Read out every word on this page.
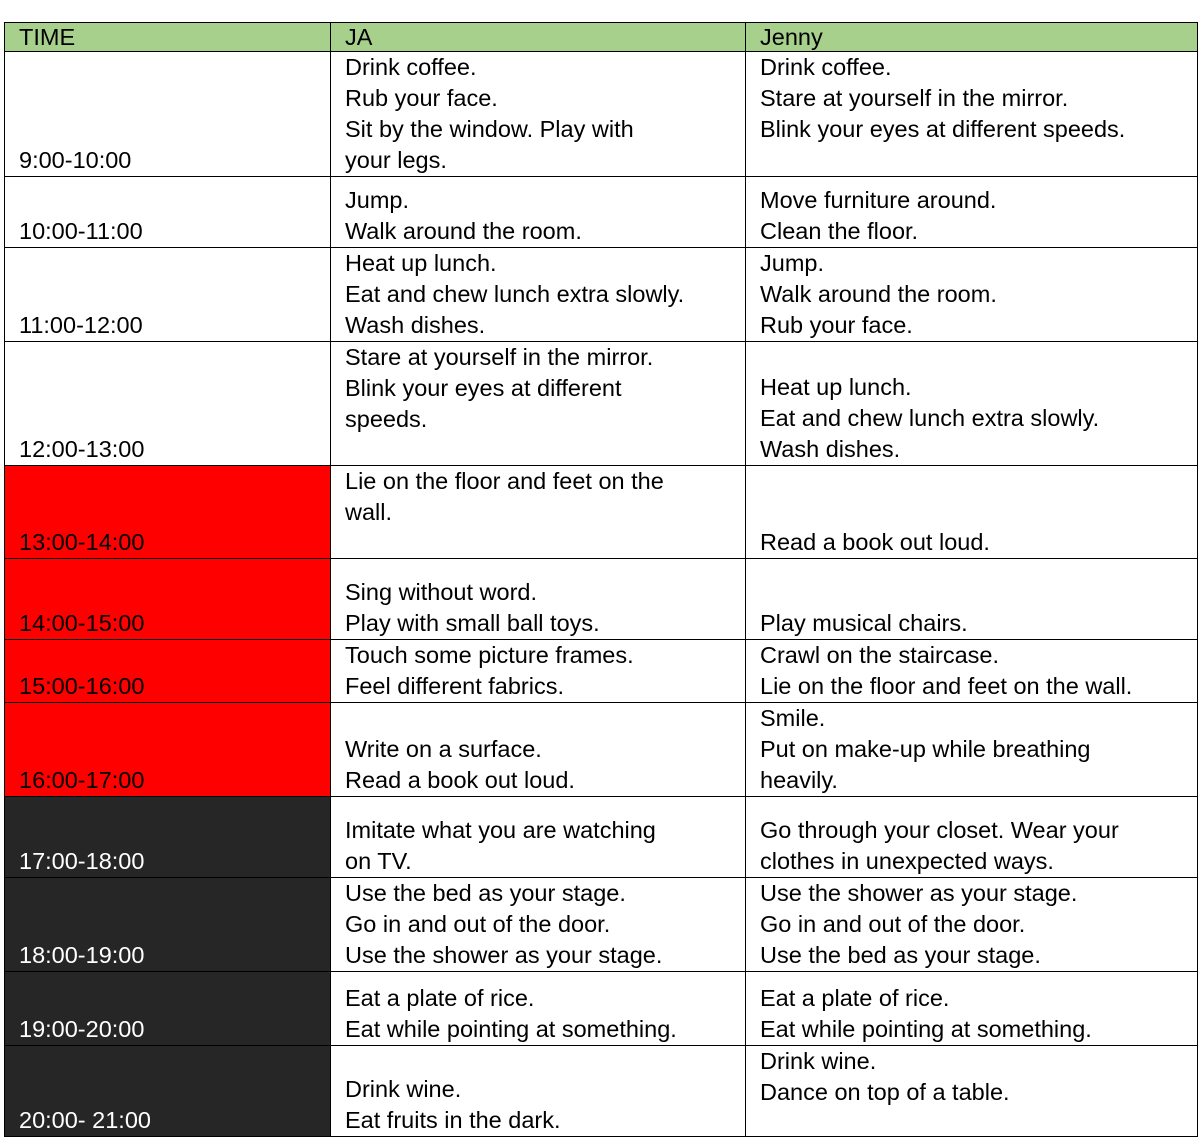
TIME	JA	Jenny
9:00-10:00	Drink coffee.
Rub your face.
Sit by the window. Play with
your legs.	Drink coffee.
Stare at yourself in the mirror.
Blink your eyes at different speeds.

10:00-11:00	Jump.
Walk around the room.	Move furniture around.
Clean the floor.

11:00-12:00	Heat up lunch.
Eat and chew lunch extra slowly.
Wash dishes.	Jump.
Walk around the room.
Rub your face.

12:00-13:00	Stare at yourself in the mirror.
Blink your eyes at different
speeds.	Heat up lunch.
Eat and chew lunch extra slowly.
Wash dishes.

13:00-14:00	Lie on the floor and feet on the
wall.	Read a book out loud.

14:00-15:00	Sing without word.
Play with small ball toys.	Play musical chairs.

15:00-16:00	Touch some picture frames.
Feel different fabrics.	Crawl on the staircase.
Lie on the floor and feet on the wall.

16:00-17:00	Write on a surface.
Read a book out loud.	Smile.
Put on make-up while breathing
heavily.

17:00-18:00	Imitate what you are watching
on TV.	Go through your closet. Wear your
clothes in unexpected ways.

18:00-19:00	Use the bed as your stage.
Go in and out of the door.
Use the shower as your stage.	Use the shower as your stage.
Go in and out of the door.
Use the bed as your stage.

19:00-20:00	Eat a plate of rice.
Eat while pointing at something.	Eat a plate of rice.
Eat while pointing at something.

20:00- 21:00	Drink wine.
Eat fruits in the dark.	Drink wine.
Dance on top of a table.
